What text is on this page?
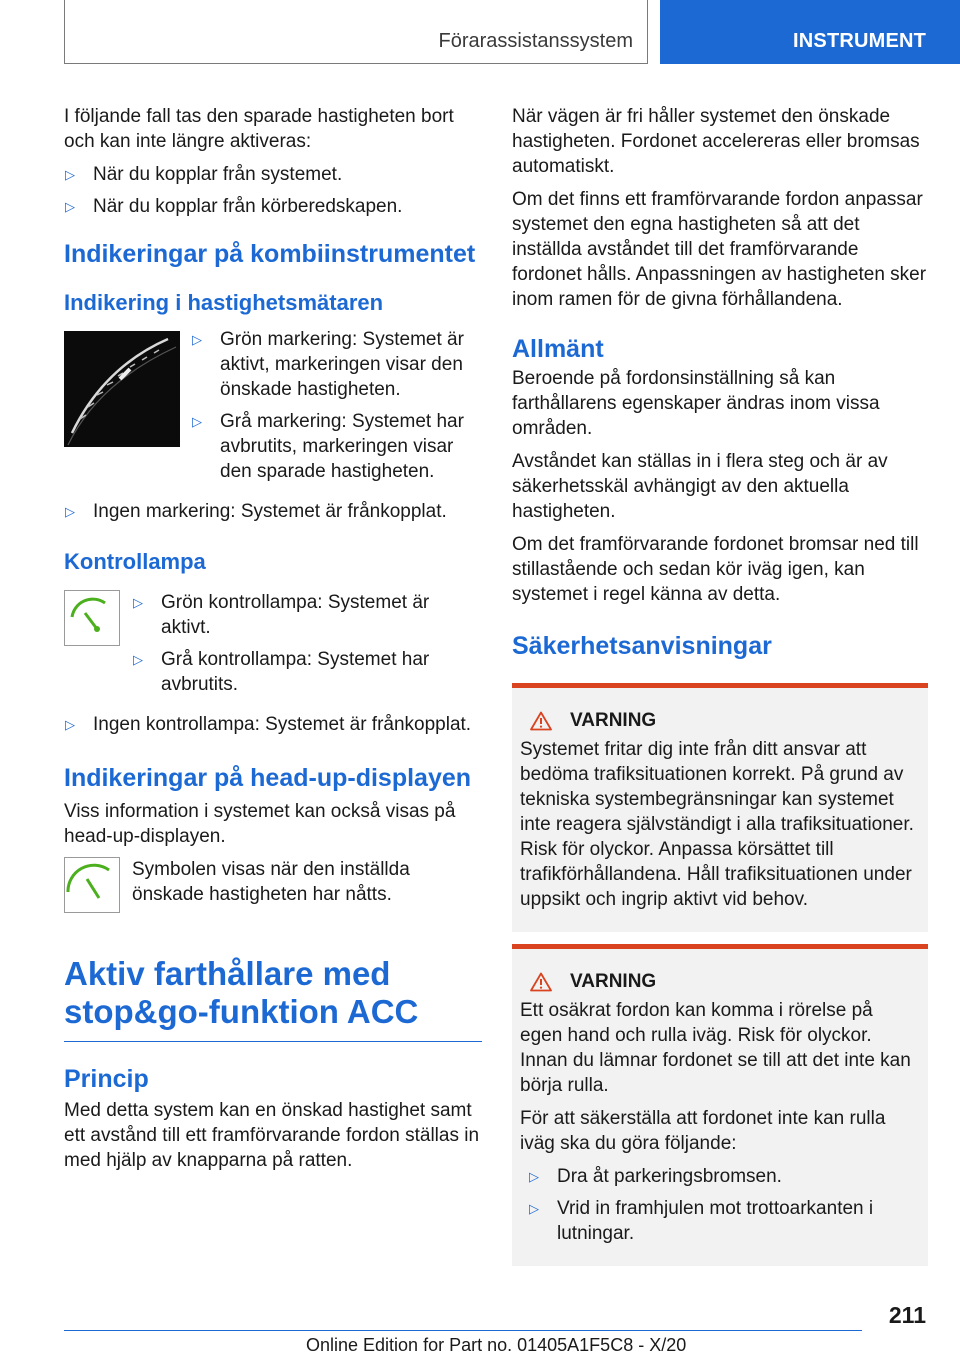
Förarassistanssystem	INSTRUMENT

I följande fall tas den sparade hastigheten bort och kan inte längre aktiveras:

▷ När du kopplar från systemet.
▷ När du kopplar från körberedskapen.
Indikeringar på kombiinstrumentet
Indikering i hastighetsmätaren
▷ Grön markering: Systemet är aktivt, markeringen visar den önskade hastigheten.
▷ Grå markering: Systemet har avbrutits, markeringen visar den sparade hastigheten.
▷ Ingen markering: Systemet är frånkopplat.
Kontrollampa
▷ Grön kontrollampa: Systemet är aktivt.
▷ Grå kontrollampa: Systemet har avbrutits.
▷ Ingen kontrollampa: Systemet är frånkopplat.
Indikeringar på head-up-displayen

Viss information i systemet kan också visas på head-up-displayen.

Symbolen visas när den inställda önskade hastigheten har nåtts.

Aktiv farthållare med stop&go-funktion ACC
Princip

Med detta system kan en önskad hastighet samt ett avstånd till ett framförvarande fordon ställas in med hjälp av knapparna på ratten.

När vägen är fri håller systemet den önskade hastigheten. Fordonet accelereras eller bromsas automatiskt.

Om det finns ett framförvarande fordon anpassar systemet den egna hastigheten så att det inställda avståndet till det framförvarande fordonet hålls. Anpassningen av hastigheten sker inom ramen för de givna förhållandena.

Allmänt

Beroende på fordonsinställning så kan farthållarens egenskaper ändras inom vissa områden.

Avståndet kan ställas in i flera steg och är av säkerhetsskäl avhängigt av den aktuella hastigheten.

Om det framförvarande fordonet bromsar ned till stillastående och sedan kör iväg igen, kan systemet i regel känna av detta.

Säkerhetsanvisningar
VARNING

Systemet fritar dig inte från ditt ansvar att bedöma trafiksituationen korrekt. På grund av tekniska systembegränsningar kan systemet inte reagera självständigt i alla trafiksituationer. Risk för olyckor. Anpassa körsättet till trafikförhållandena. Håll trafiksituationen under uppsikt och ingrip aktivt vid behov.

VARNING

Ett osäkrat fordon kan komma i rörelse på egen hand och rulla iväg. Risk för olyckor. Innan du lämnar fordonet se till att det inte kan börja rulla.

För att säkerställa att fordonet inte kan rulla iväg ska du göra följande:

▷ Dra åt parkeringsbromsen.
▷ Vrid in framhjulen mot trottoarkanten i lutningar.
211
Online Edition for Part no. 01405A1F5C8 - X/20
